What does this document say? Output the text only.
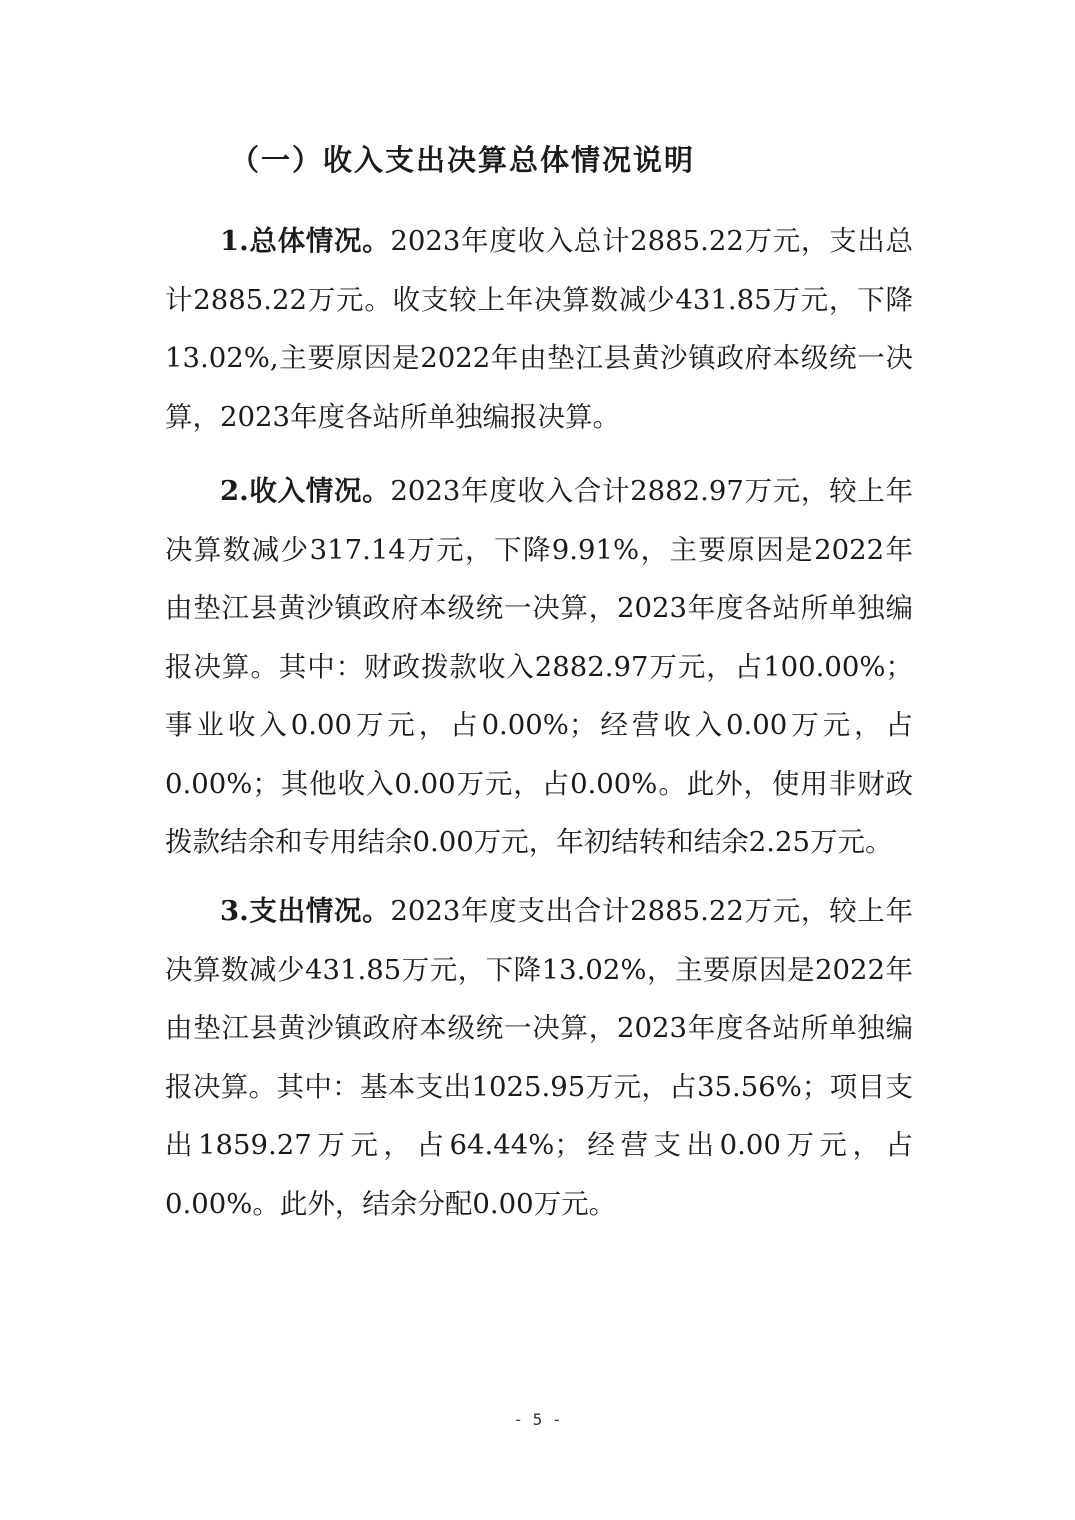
（一）收入支出决算总体情况说明

1.总体情况。2023年度收入总计2885.22万元，支出总计2885.22万元。收支较上年决算数减少431.85万元，下降13.02%,主要原因是2022年由垫江县黄沙镇政府本级统一决算，2023年度各站所单独编报决算。

2.收入情况。2023年度收入合计2882.97万元，较上年决算数减少317.14万元，下降9.91%，主要原因是2022年由垫江县黄沙镇政府本级统一决算，2023年度各站所单独编报决算。其中：财政拨款收入2882.97万元，占100.00%；事业收入0.00万元，占0.00%；经营收入0.00万元，占0.00%；其他收入0.00万元，占0.00%。此外，使用非财政拨款结余和专用结余0.00万元，年初结转和结余2.25万元。

3.支出情况。2023年度支出合计2885.22万元，较上年决算数减少431.85万元，下降13.02%，主要原因是2022年由垫江县黄沙镇政府本级统一决算，2023年度各站所单独编报决算。其中：基本支出1025.95万元，占35.56%；项目支出1859.27万元，占64.44%；经营支出0.00万元，占0.00%。此外，结余分配0.00万元。

- 5 -
